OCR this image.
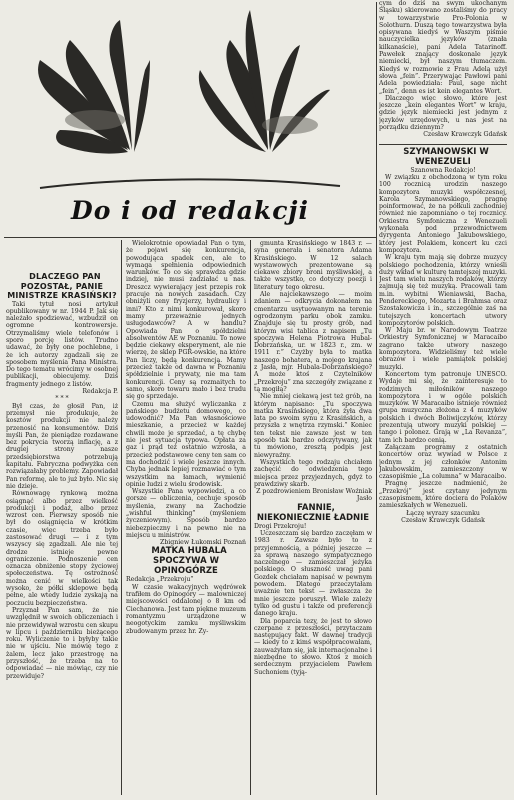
Do i od redakcji

DLACZEGO PAN POZOSTAŁ, PANIE MINISTRZE KRASIŃSKI?

Taki tytuł nosi artykuł opublikowany w nr. 1944 P. Jak się należało spodziewać, wzbudził on ogromne kontrowersje. Otrzymaliśmy wiele telefonów i sporo porcję listów. Trudno udawać, że były one pochlebne, i że ich autorzy zgadzali się ze sposobem myślenia Pana Ministra. Do tego tematu wrócimy w osobnej publikacji, obiecujemy. Dziś fragmenty jednego z listów.

Redakcja P.

* * *

Był czas, że głosił Pan, iż przemysł nie produkuje, że kosztów produkcji nie należy przenosić na konsumentów. Dziś myśli Pan, że pieniądze rozdawane bez pokrycia tworzą inflację, a z drugiej strony nasze przedsiębiorstwa potrzebują kapitału. Fabryczna podwyżka cen rozwiązałaby problemy. Zapowiadał Pan reformę, ale to już było. Nic się nie dzieje.

Równowagę rynkową można osiągnąć albo przez wielkość produkcji i podaż, albo przez wzrost cen. Pierwszy sposób nie był do osiągnięcia w krótkim czasie, więc trzeba było zastosować drugi — i z tym wszyscy się zgadzali. Ale nie tej drodze istnieje pewne ograniczenie. Podnoszenie cen oznacza obniżenie stopy życiowej społeczeństwa. Tę ostrożność można cenić w wielkości tak wysoko, że półki sklepowe będą pełne, ale wtedy ludzie zyskają na poczuciu bezpieczeństwa.

Przyznał Pan sam, że nie uwzględnił w swoich obliczeniach i nie przewidywał wzrostu cen skupu w lipcu i październiku bieżącego roku. Wyliczenie to i byłyby takie nie w ujściu. Nie mówię tego z żalem, lecz jako przestrogę na przyszłość, że trzeba na to odpowiadać — nie mówiąc, czy nie przewiduje?

Wielokrotnie opowiadał Pan o tym, że pojawi się konkurencja, powodująca spadek cen, ale to wymaga spełnienia odpowiednich warunków. To co się sprawdza gdzie indziej, nie musi zadziałać u nas. Dreszcz wywierający jest przepis rok pracuje na nowych zasadach. Czy obniżyli ceny fryzjerzy, hydraulicy i inni? Kto z nimi konkurował, skoro mamy przeważnie jednych usługodawców? A w handlu? Opowiada Pan o spółdzielni absolwentów AE w Poznaniu. To nowe będzie ciekawy eksperyment, ale nie wierzę, że sklep PGR-owskie, na które Pan liczy, będą konkurencją. Mamy przecież także od dawna w Poznaniu spółdzielnie i prywaty, nie ma tam konkurencji. Ceny są rozmaitych to samo, skoro towaru mało i bez trudu się go sprzedaje.

Czemu ma służyć wyliczanka z pańskiego budżetu domowego, co udowodnić? Ma Pan własnościowe mieszkanie, a przecież w każdej chwili może je sprzedać, a tę chybę nie jest sytuacja typowa. Opłata za gaz i prąd też ostatnio wzrosła, a przecież podstawowe ceny ten sam co ma dochodzić i wiele jeszcze innych. Chyba jednak lepiej rozmawiać o tym wszystkim na łamach, wymienić opinie ludzi z wielu środowisk.

Wszystkie Pana wypowiedzi, a co gorsze — obliczenia, cechuje sposób myślenia, zwany na Zachodzie „wishful thinking” (myśleniem życzeniowym). Sposób bardzo niebezpieczny i na pewno nie na miejscu u ministrów.

Zbigniew Łukomski Poznań

MATKA HUBALA SPOCZYWA W OPINOGÓRZE

Redakcja „Przekroju”

W czasie wakacyjnych wędrówek trafiłem do Opinogóry — malowniczej miejscowości oddalonej o 8 km od Ciechanowa. Jest tam piękne muzeum romantyzmu urządzone w neogotyckim zamku myśliwskim zbudowanym przez hr. Zy-

gmunta Krasińskiego w 1843 r. — syna generała i senatora Adama Krasińskiego. W 12 salach wystawowych prezentowane są ciekawe zbiory broni myśliwskiej, a także wszystko, co dotyczy poezji i literatury tego okresu.

Ale najciekawszego — moim zdaniem — odkrycia dokonałem na cmentarzu usytuowanym na terenie ogrodzonym parku obok zamku. Znajduje się tu prosty grób, nad którym wisi tablica z napisem „Tu spoczywa Helena Piotrowa Hubal-Dobrzańska, ur. w 1823 r., zm. w 1911 r.” Czyżby była to matka naszego bohatera, a mojego krajana z Jasła, mjr. Hubala-Dobrzańskiego? A może ktoś z Czytelników „Przekroju” zna szczegóły związane z tą mogiłą?

Nie mniej ciekawą jest też grób, na którym napisano: „Tu spoczywa matka Krasińskiego, która żyła dwa lata po swoim synu z Krasińskich, a przyszła z wnętrza rzymski.” Koniec ten tekst nie zawsze jest w ten sposób tak bardzo odczytywany, jak tu mówiono, zresztą podpis jest niewyraźny.

Wszystkich tego rodzaju chciałem zachęcić do odwiedzenia tego miejsca przez przyjezdnych, gdyż to prawdziwy skarb.

Z pozdrowieniem Bronisław Woźniak Jasło

FANNIE, NIEKONIECZNIE ŁADNIE

Drogi Przekroju!

Uczeszczam się bardzo zaczęłam w 1983 r. Zawsze było to z przyjemnością, a później jeszcze — za sprawą naszego sympatycznego naczelnego — zamieszczał jeżyka polskiego. O słuszność uwag pani Gozdek chciałam napisać w pewnym powodem. Dlatego przeczytałam uważnie ten tekst — zwłaszcza że mnie jeszcze poruszył. Wiele zależy tylko od gustu i także od preferencji danego kraju.

Dla poparcia tezy, że jest to słowo czerpane z przeszłości, przytaczam następujący fakt. W dawnej tradycji — kiedy to z kimś współpracowałam, zauważyłam się, jak internacjonalne i niezbędne to słowo. Ktoś z moich serdecznym przyjacielem Pawłem Suchoniem (tyją-

cym do dziś na swym ukochanym Śląsku) skierowano zostaliśmy do pracy w towarzystwie Pro-Polonia w Solothurn. Duszą tego towarzystwa była opisywana kiedyś w Waszym piśmie nauczycielka języków (znała kilkanaście), pani Adela Tatarinoff. Pawełek znający doskonale język niemiecki, był naszym tłumaczem. Kiedyś w rozmowie z Frau Adelą użył słowa „fein”. Przerywając Pawłowi pani Adela powiedziała: Paul, sage nicht „fein”, denn es ist kein elegantes Wort.

Dlaczego więc słowo, które jest jeszcze „kein elegantes Wort” w kraju, gdzie język niemiecki jest jednym z języków urzędowych, u nas jest na porządku dziennym?

Czesław Krawczyk Gdańsk

SZYMANOWSKI W WENEZUELI

Szanowna Redakcjo!

W związku z obchodzoną w tym roku 100 rocznicą urodzin naszego kompozytora muzyki współczesnej, Karola Szymanowskiego, pragnę poinformować, że na półkuli zachodniej również nie zapomniano o tej rocznicy. Orkiestra Symfoniczna z Wenezueli wykonała pod przewodnictwem dyrygenta Antoniego Jakubowskiego, który jest Polakiem, koncert ku czci kompozytora.

W kraju tym mają się dobrze muzycy polskiego pochodzenia, którzy wnieśli duży wkład w kulturę tamtejszej muzyki. Jest tam wielu naszych rodaków, którzy zajmują się też muzyką. Pracowali tam m.in. wybitni Wieniawski, Bacha, Pendereckiego, Mozarta i Brahmsa oraz Szostakowicza i in., szczególnie zaś na tutejszych koncertach utwory kompozytorów polskich.

W Maju br. w Narodowym Teatrze Orkiestry Symfonicznej w Maracaibo zagrano także utwory naszego kompozytora. Widzieliśmy też wiele obrazów i wiele pamiątek polskiej muzyki.

Koncertom tym patronuje UNESCO. Wydaje mi się, że zainteresuje to rodzimych miłośników naszego kompozytora i w ogóle polskich muzyków. W Maracaibo istnieje również grupa muzyczna złożona z 4 muzyków polskich i dwóch Boliwijczyków, którzy prezentują utwory muzyki polskiej — tango i polonez. Grają w „La Revanza”, tam ich bardzo cenią.

Załączam programy z ostatnich koncertów oraz wywiad w Polsce z jednym z jej członków Antonim Jakubowskim, zamieszczony w czasopiśmie „La columna” w Maracaibo.

Pragnę jeszcze nadmienić, że „Przekrój” jest czytany jedynym czasopismem, które dociera do Polaków zamieszkałych w Wenezueli.

Łączę wyrazy szacunku

Czesław Krawczyk Gdańsk
